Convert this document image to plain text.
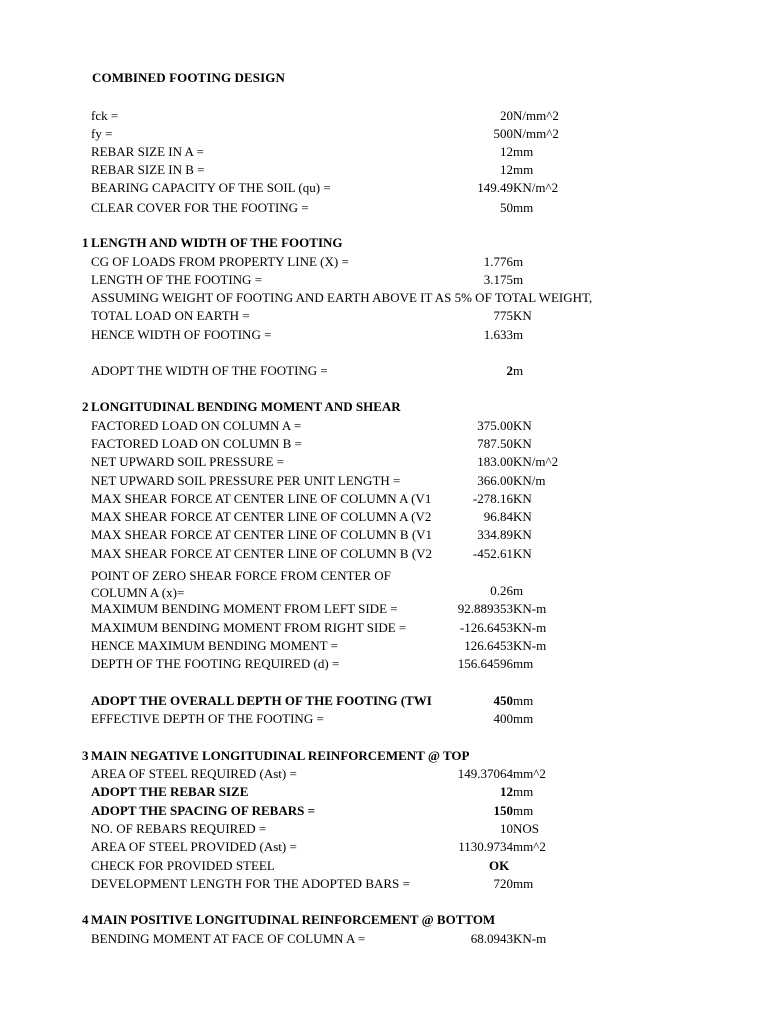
COMBINED FOOTING DESIGN
fck =	20 N/mm^2
fy =	500 N/mm^2
REBAR SIZE IN A =	12 mm
REBAR SIZE IN B =	12 mm
BEARING CAPACITY OF THE SOIL (qu) =	149.49 KN/m^2
CLEAR COVER FOR THE FOOTING =	50 mm
1 LENGTH AND WIDTH OF THE FOOTING
CG OF LOADS FROM PROPERTY LINE (X) =	1.776 m
LENGTH OF THE FOOTING =	3.175 m
ASSUMING WEIGHT OF FOOTING AND EARTH ABOVE IT AS 5% OF TOTAL WEIGHT,
TOTAL LOAD ON EARTH =	775 KN
HENCE WIDTH OF FOOTING =	1.633 m
ADOPT THE WIDTH OF THE FOOTING =	2 m
2 LONGITUDINAL BENDING MOMENT AND SHEAR
FACTORED LOAD ON COLUMN A =	375.00 KN
FACTORED LOAD ON COLUMN B =	787.50 KN
NET UPWARD SOIL PRESSURE =	183.00 KN/m^2
NET UPWARD SOIL PRESSURE PER UNIT LENGTH =	366.00 KN/m
MAX SHEAR FORCE AT CENTER LINE OF COLUMN A (V1	-278.16 KN
MAX SHEAR FORCE AT CENTER LINE OF COLUMN A (V2	96.84 KN
MAX SHEAR FORCE AT CENTER LINE OF COLUMN B (V1	334.89 KN
MAX SHEAR FORCE AT CENTER LINE OF COLUMN B (V2	-452.61 KN
POINT OF ZERO SHEAR FORCE FROM CENTER OF
COLUMN A (x)=	0.26 m
MAXIMUM BENDING MOMENT FROM LEFT SIDE =	92.889353 KN-m
MAXIMUM BENDING MOMENT FROM RIGHT SIDE =	-126.6453 KN-m
HENCE MAXIMUM BENDING MOMENT =	126.6453 KN-m
DEPTH OF THE FOOTING REQUIRED (d) =	156.64596 mm
ADOPT THE OVERALL DEPTH OF THE FOOTING (TWI	450 mm
EFFECTIVE DEPTH OF THE FOOTING =	400 mm
3 MAIN NEGATIVE LONGITUDINAL REINFORCEMENT @ TOP
AREA OF STEEL REQUIRED (Ast) =	149.37064 mm^2
ADOPT THE REBAR SIZE	12 mm
ADOPT THE SPACING OF REBARS =	150 mm
NO. OF REBARS REQUIRED =	10 NOS
AREA OF STEEL PROVIDED (Ast) =	1130.9734 mm^2
CHECK FOR PROVIDED STEEL	OK
DEVELOPMENT LENGTH FOR THE ADOPTED BARS =	720 mm
4 MAIN POSITIVE LONGITUDINAL REINFORCEMENT @ BOTTOM
BENDING MOMENT AT FACE OF COLUMN A =	68.0943 KN-m
